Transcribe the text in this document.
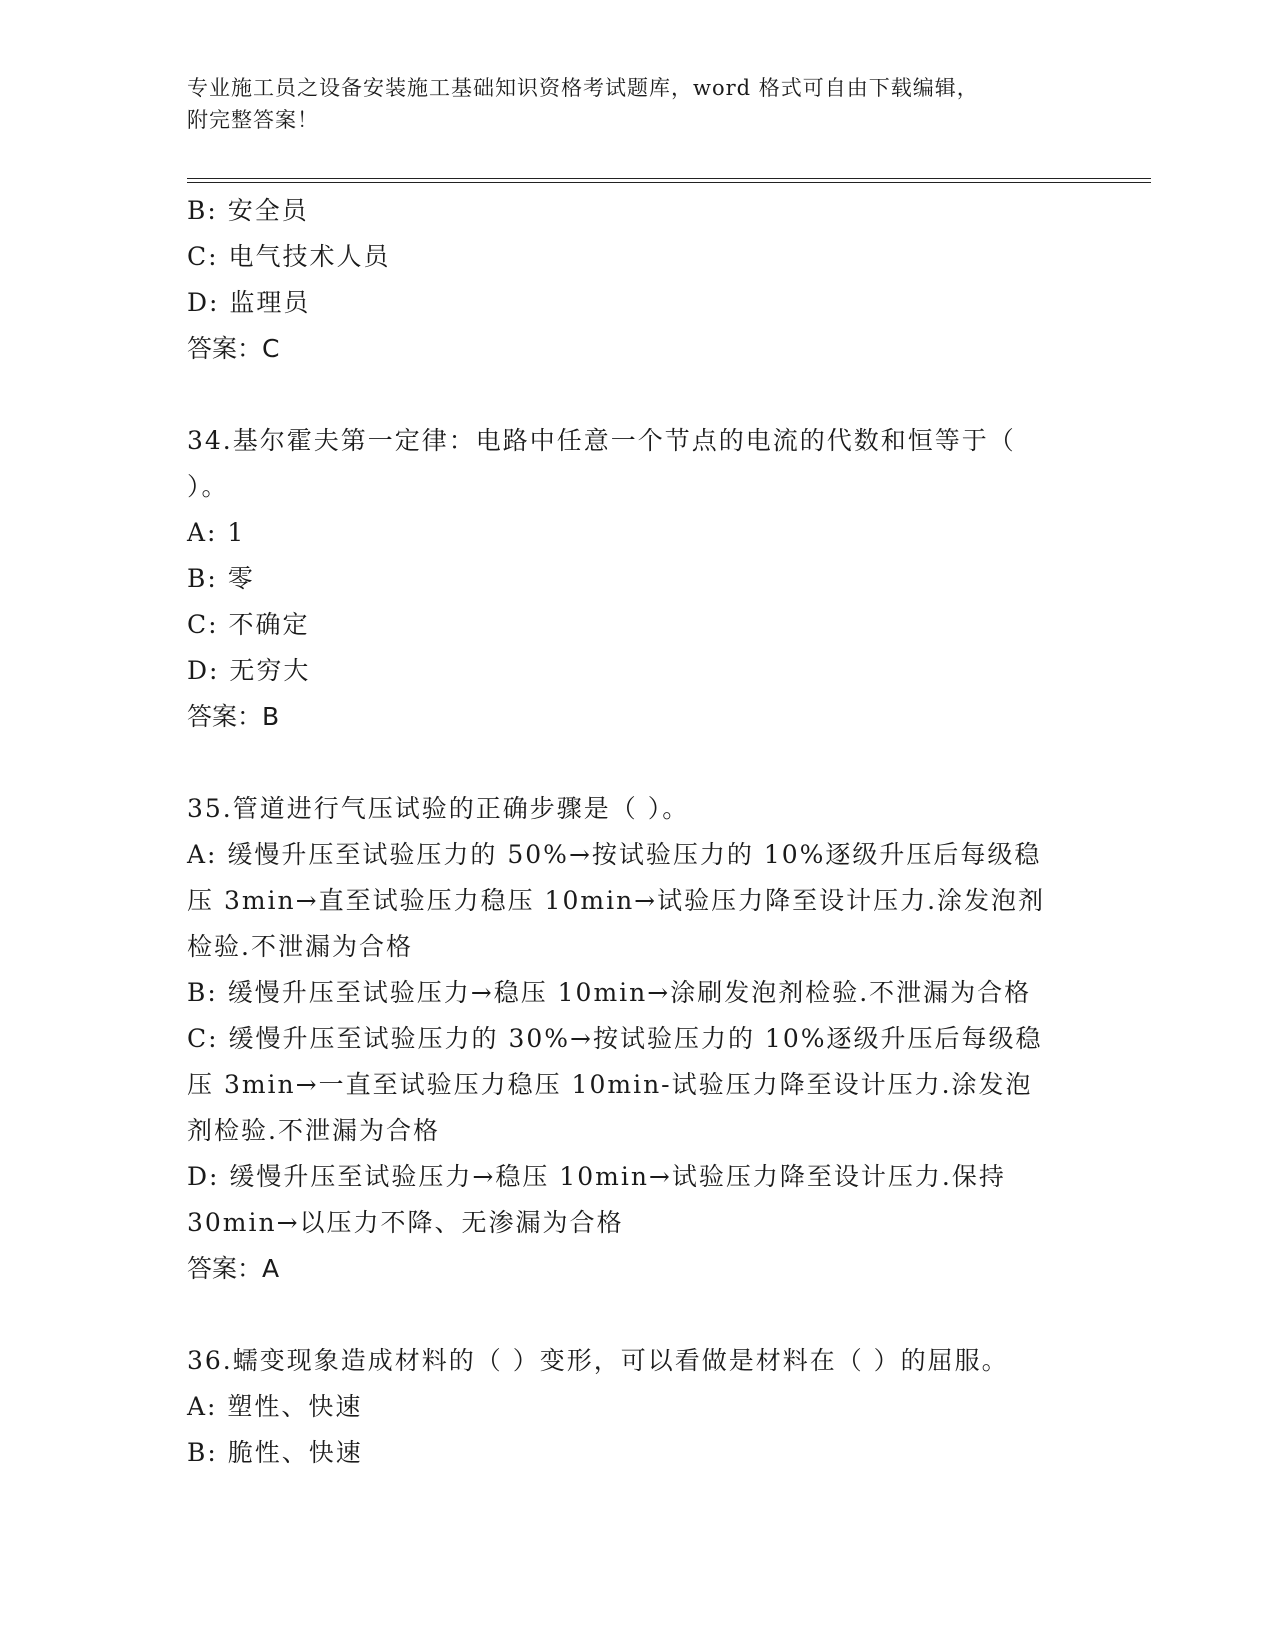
专业施工员之设备安装施工基础知识资格考试题库，word 格式可自由下载编辑，
附完整答案！
B: 安全员
C: 电气技术人员
D: 监理员
答案：C
34.基尔霍夫第一定律：电路中任意一个节点的电流的代数和恒等于（
）。
A: 1
B: 零
C: 不确定
D: 无穷大
答案：B
35.管道进行气压试验的正确步骤是（ ）。
A: 缓慢升压至试验压力的 50%→按试验压力的 10%逐级升压后每级稳
压 3min→直至试验压力稳压 10min→试验压力降至设计压力.涂发泡剂
检验.不泄漏为合格
B: 缓慢升压至试验压力→稳压 10min→涂刷发泡剂检验.不泄漏为合格
C: 缓慢升压至试验压力的 30%→按试验压力的 10%逐级升压后每级稳
压 3min→一直至试验压力稳压 10min-试验压力降至设计压力.涂发泡
剂检验.不泄漏为合格
D: 缓慢升压至试验压力→稳压 10min→试验压力降至设计压力.保持
30min→以压力不降、无渗漏为合格
答案：A
36.蠕变现象造成材料的（ ）变形，可以看做是材料在（ ）的屈服。
A: 塑性、快速
B: 脆性、快速
